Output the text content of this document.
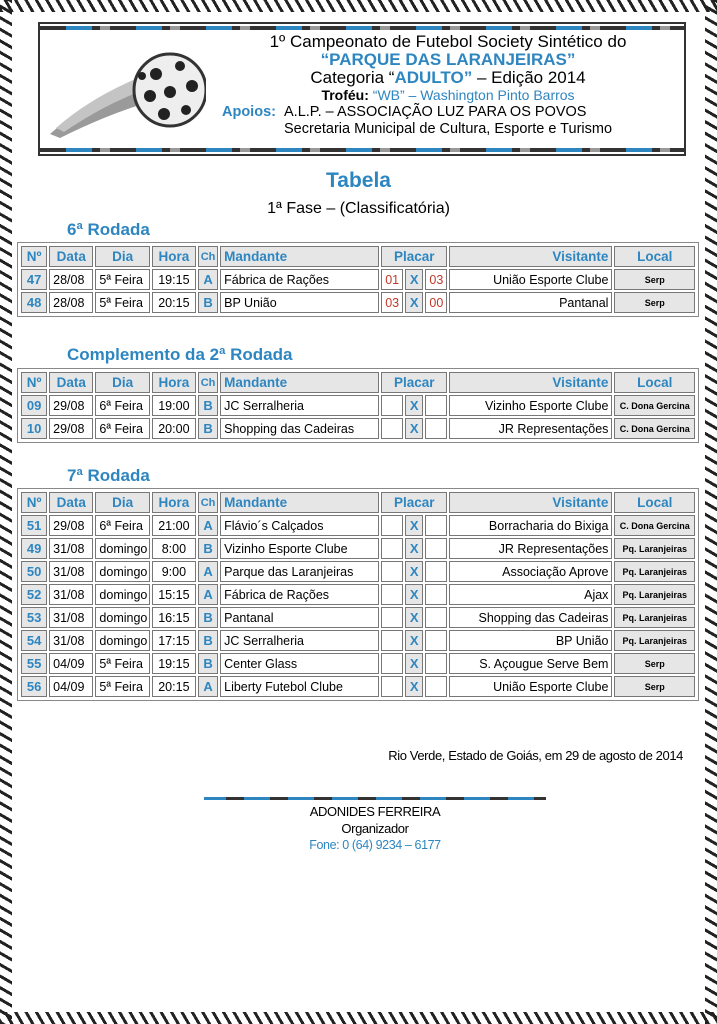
1º Campeonato de Futebol Society Sintético do
“PARQUE DAS LARANJEIRAS”
Categoria “ADULTO” – Edição 2014
Troféu: “WB” – Washington Pinto Barros
Apoios: A.L.P. – ASSOCIAÇÃO LUZ PARA OS POVOS
Secretaria Municipal de Cultura, Esporte e Turismo
Tabela
1ª Fase – (Classificatória)
6ª Rodada
Nº	Data	Dia	Hora	Ch	Mandante	Placar			Visitante	Local
47	28/08	5ª Feira	19:15	A	Fábrica de Rações	01	X	03	União Esporte Clube	Serp
48	28/08	5ª Feira	20:15	B	BP União	03	X	00	Pantanal	Serp
Complemento da 2ª Rodada
Nº	Data	Dia	Hora	Ch	Mandante	Placar			Visitante	Local
09	29/08	6ª Feira	19:00	B	JC Serralheria		X		Vizinho Esporte Clube	C. Dona Gercina
10	29/08	6ª Feira	20:00	B	Shopping das Cadeiras		X		JR Representações	C. Dona Gercina
7ª Rodada
Nº	Data	Dia	Hora	Ch	Mandante	Placar			Visitante	Local
51	29/08	6ª Feira	21:00	A	Flávio´s Calçados		X		Borracharia do Bixiga	C. Dona Gercina
49	31/08	domingo	8:00	B	Vizinho Esporte Clube		X		JR Representações	Pq. Laranjeiras
50	31/08	domingo	9:00	A	Parque das Laranjeiras		X		Associação Aprove	Pq. Laranjeiras
52	31/08	domingo	15:15	A	Fábrica de Rações		X		Ajax	Pq. Laranjeiras
53	31/08	domingo	16:15	B	Pantanal		X		Shopping das Cadeiras	Pq. Laranjeiras
54	31/08	domingo	17:15	B	JC Serralheria		X		BP União	Pq. Laranjeiras
55	04/09	5ª Feira	19:15	B	Center Glass		X		S. Açougue Serve Bem	Serp
56	04/09	5ª Feira	20:15	A	Liberty Futebol Clube		X		União Esporte Clube	Serp
Rio Verde, Estado de Goiás, em 29 de agosto de 2014
ADONIDES FERREIRA
Organizador
Fone: 0 (64) 9234 – 6177
